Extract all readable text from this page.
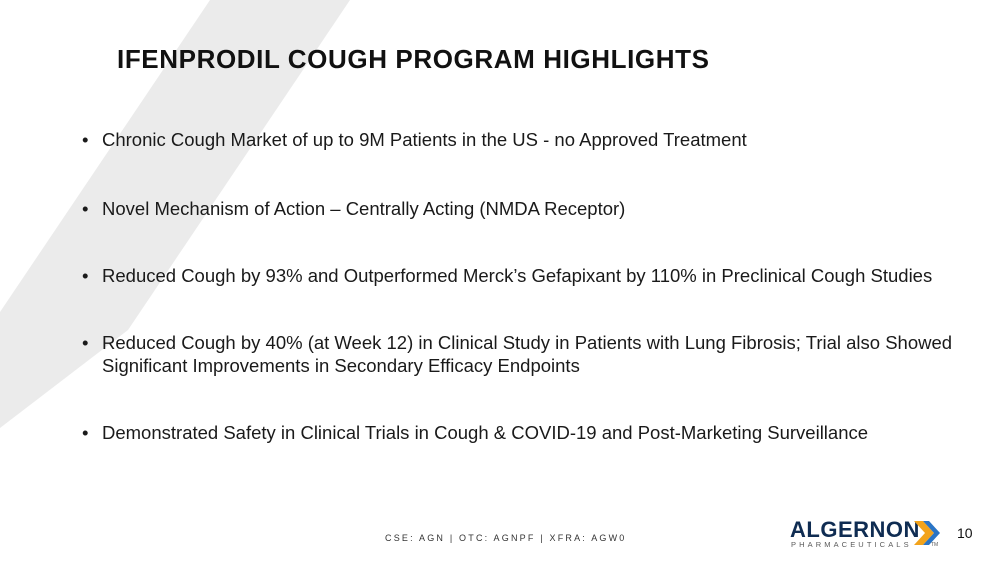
IFENPRODIL COUGH PROGRAM HIGHLIGHTS
• Chronic Cough Market of up to 9M Patients in the US - no Approved Treatment
• Novel Mechanism of Action – Centrally Acting (NMDA Receptor)
• Reduced Cough by 93% and Outperformed Merck’s Gefapixant by 110% in Preclinical Cough Studies
• Reduced Cough by 40% (at Week 12) in Clinical Study in Patients with Lung Fibrosis; Trial also Showed Significant Improvements in Secondary Efficacy Endpoints
• Demonstrated Safety in Clinical Trials in Cough & COVID-19 and Post-Marketing Surveillance
CSE: AGN | OTC: AGNPF | XFRA: AGW0	ALGERNON
PHARMACEUTICALS	TM
10
